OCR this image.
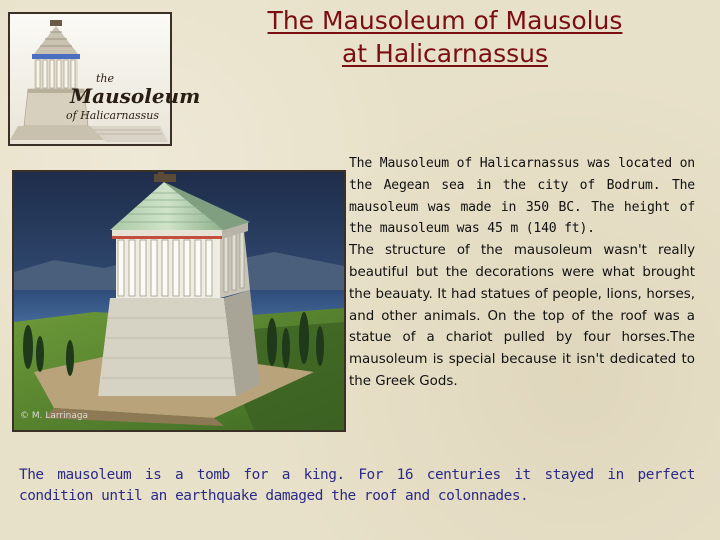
The Mausoleum of Mausolus
at Halicarnassus
the
Mausoleum
of Halicarnassus
© M. Larrinaga

The Mausoleum of Halicarnassus was located on the Aegean sea in the city of Bodrum. The mausoleum was made in 350 BC. The height of the mausoleum was 45 m (140 ft).

The structure of the mausoleum wasn't really beautiful but the decorations were what brought the beauaty. It had statues of people, lions, horses, and other animals. On the top of the roof was a statue of a chariot pulled by four horses.The mausoleum is special because it isn't dedicated to the Greek Gods.

The mausoleum is a tomb for a king. For 16 centuries it stayed in perfect condition until an earthquake damaged the roof and colonnades.
